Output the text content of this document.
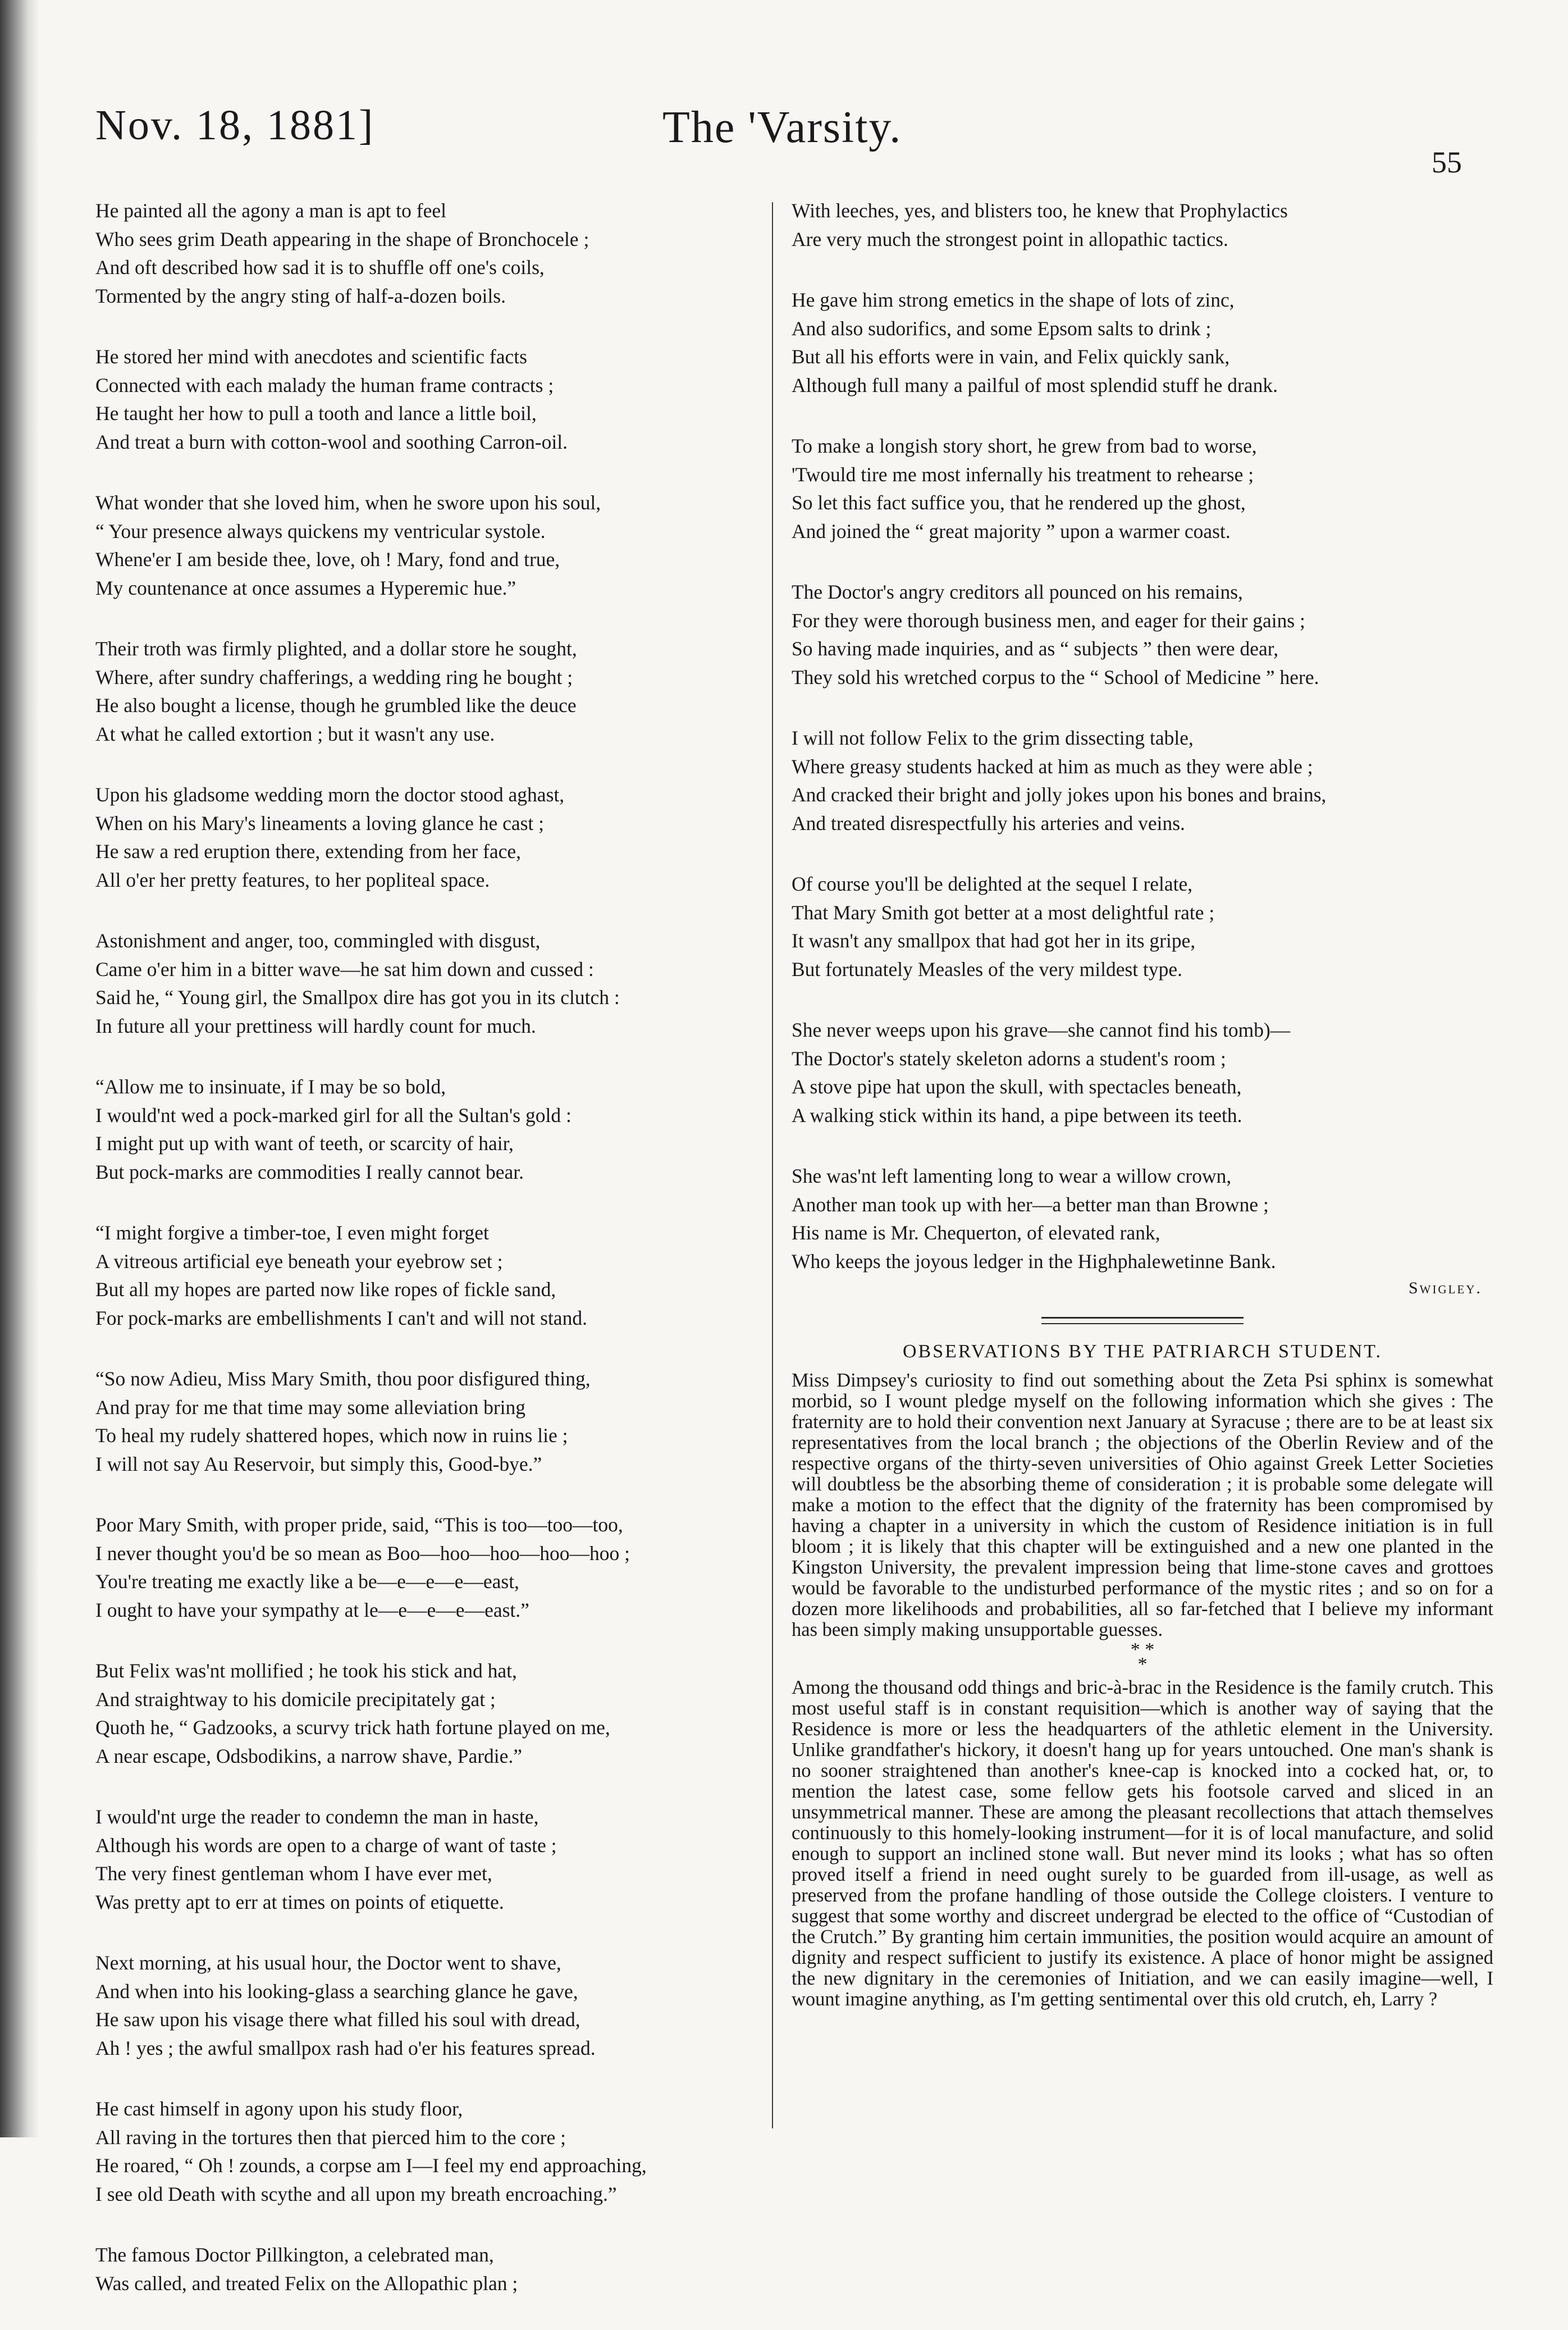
Nov. 18, 1881]	The 'Varsity.
55
He painted all the agony a man is apt to feel
Who sees grim Death appearing in the shape of Bronchocele ;
And oft described how sad it is to shuffle off one's coils,
Tormented by the angry sting of half-a-dozen boils.
He stored her mind with anecdotes and scientific facts
Connected with each malady the human frame contracts ;
He taught her how to pull a tooth and lance a little boil,
And treat a burn with cotton-wool and soothing Carron-oil.
What wonder that she loved him, when he swore upon his soul,
“ Your presence always quickens my ventricular systole.
Whene'er I am beside thee, love, oh ! Mary, fond and true,
My countenance at once assumes a Hyperemic hue.”
Their troth was firmly plighted, and a dollar store he sought,
Where, after sundry chafferings, a wedding ring he bought ;
He also bought a license, though he grumbled like the deuce
At what he called extortion ; but it wasn't any use.
Upon his gladsome wedding morn the doctor stood aghast,
When on his Mary's lineaments a loving glance he cast ;
He saw a red eruption there, extending from her face,
All o'er her pretty features, to her popliteal space.
Astonishment and anger, too, commingled with disgust,
Came o'er him in a bitter wave—he sat him down and cussed :
Said he, “ Young girl, the Smallpox dire has got you in its clutch :
In future all your prettiness will hardly count for much.
“Allow me to insinuate, if I may be so bold,
I would'nt wed a pock-marked girl for all the Sultan's gold :
I might put up with want of teeth, or scarcity of hair,
But pock-marks are commodities I really cannot bear.
“I might forgive a timber-toe, I even might forget
A vitreous artificial eye beneath your eyebrow set ;
But all my hopes are parted now like ropes of fickle sand,
For pock-marks are embellishments I can't and will not stand.
“So now Adieu, Miss Mary Smith, thou poor disfigured thing,
And pray for me that time may some alleviation bring
To heal my rudely shattered hopes, which now in ruins lie ;
I will not say Au Reservoir, but simply this, Good-bye.”
Poor Mary Smith, with proper pride, said, “This is too—too—too,
I never thought you'd be so mean as Boo—hoo—hoo—hoo—hoo ;
You're treating me exactly like a be—e—e—e—east,
I ought to have your sympathy at le—e—e—e—east.”
But Felix was'nt mollified ; he took his stick and hat,
And straightway to his domicile precipitately gat ;
Quoth he, “ Gadzooks, a scurvy trick hath fortune played on me,
A near escape, Odsbodikins, a narrow shave, Pardie.”
I would'nt urge the reader to condemn the man in haste,
Although his words are open to a charge of want of taste ;
The very finest gentleman whom I have ever met,
Was pretty apt to err at times on points of etiquette.
Next morning, at his usual hour, the Doctor went to shave,
And when into his looking-glass a searching glance he gave,
He saw upon his visage there what filled his soul with dread,
Ah ! yes ; the awful smallpox rash had o'er his features spread.
He cast himself in agony upon his study floor,
All raving in the tortures then that pierced him to the core ;
He roared, “ Oh ! zounds, a corpse am I—I feel my end approaching,
I see old Death with scythe and all upon my breath encroaching.”
The famous Doctor Pillkington, a celebrated man,
Was called, and treated Felix on the Allopathic plan ;
With leeches, yes, and blisters too, he knew that Prophylactics
Are very much the strongest point in allopathic tactics.
He gave him strong emetics in the shape of lots of zinc,
And also sudorifics, and some Epsom salts to drink ;
But all his efforts were in vain, and Felix quickly sank,
Although full many a pailful of most splendid stuff he drank.
To make a longish story short, he grew from bad to worse,
'Twould tire me most infernally his treatment to rehearse ;
So let this fact suffice you, that he rendered up the ghost,
And joined the “ great majority ” upon a warmer coast.
The Doctor's angry creditors all pounced on his remains,
For they were thorough business men, and eager for their gains ;
So having made inquiries, and as “ subjects ” then were dear,
They sold his wretched corpus to the “ School of Medicine ” here.
I will not follow Felix to the grim dissecting table,
Where greasy students hacked at him as much as they were able ;
And cracked their bright and jolly jokes upon his bones and brains,
And treated disrespectfully his arteries and veins.
Of course you'll be delighted at the sequel I relate,
That Mary Smith got better at a most delightful rate ;
It wasn't any smallpox that had got her in its gripe,
But fortunately Measles of the very mildest type.
She never weeps upon his grave—she cannot find his tomb)—
The Doctor's stately skeleton adorns a student's room ;
A stove pipe hat upon the skull, with spectacles beneath,
A walking stick within its hand, a pipe between its teeth.
She was'nt left lamenting long to wear a willow crown,
Another man took up with her—a better man than Browne ;
His name is Mr. Chequerton, of elevated rank,
Who keeps the joyous ledger in the Highphalewetinne Bank.
Swigley.
OBSERVATIONS BY THE PATRIARCH STUDENT.

Miss Dimpsey's curiosity to find out something about the Zeta Psi sphinx is somewhat morbid, so I wount pledge myself on the following information which she gives : The fraternity are to hold their convention next January at Syracuse ; there are to be at least six representatives from the local branch ; the objections of the Oberlin Review and of the respective organs of the thirty-seven universities of Ohio against Greek Letter Societies will doubtless be the absorbing theme of consideration ; it is probable some delegate will make a motion to the effect that the dignity of the fraternity has been compromised by having a chapter in a university in which the custom of Residence initiation is in full bloom ; it is likely that this chapter will be extinguished and a new one planted in the Kingston University, the prevalent impression being that lime-stone caves and grottoes would be favorable to the undisturbed performance of the mystic rites ; and so on for a dozen more likelihoods and probabilities, all so far-fetched that I believe my informant has been simply making unsupportable guesses.

* *
*

Among the thousand odd things and bric-à-brac in the Residence is the family crutch. This most useful staff is in constant requisition—which is another way of saying that the Residence is more or less the headquarters of the athletic element in the University. Unlike grandfather's hickory, it doesn't hang up for years untouched. One man's shank is no sooner straightened than another's knee-cap is knocked into a cocked hat, or, to mention the latest case, some fellow gets his footsole carved and sliced in an unsymmetrical manner. These are among the pleasant recollections that attach themselves continuously to this homely-looking instrument—for it is of local manufacture, and solid enough to support an inclined stone wall. But never mind its looks ; what has so often proved itself a friend in need ought surely to be guarded from ill-usage, as well as preserved from the profane handling of those outside the College cloisters. I venture to suggest that some worthy and discreet undergrad be elected to the office of “Custodian of the Crutch.” By granting him certain immunities, the position would acquire an amount of dignity and respect sufficient to justify its existence. A place of honor might be assigned the new dignitary in the ceremonies of Initiation, and we can easily imagine—well, I wount imagine anything, as I'm getting sentimental over this old crutch, eh, Larry ?
